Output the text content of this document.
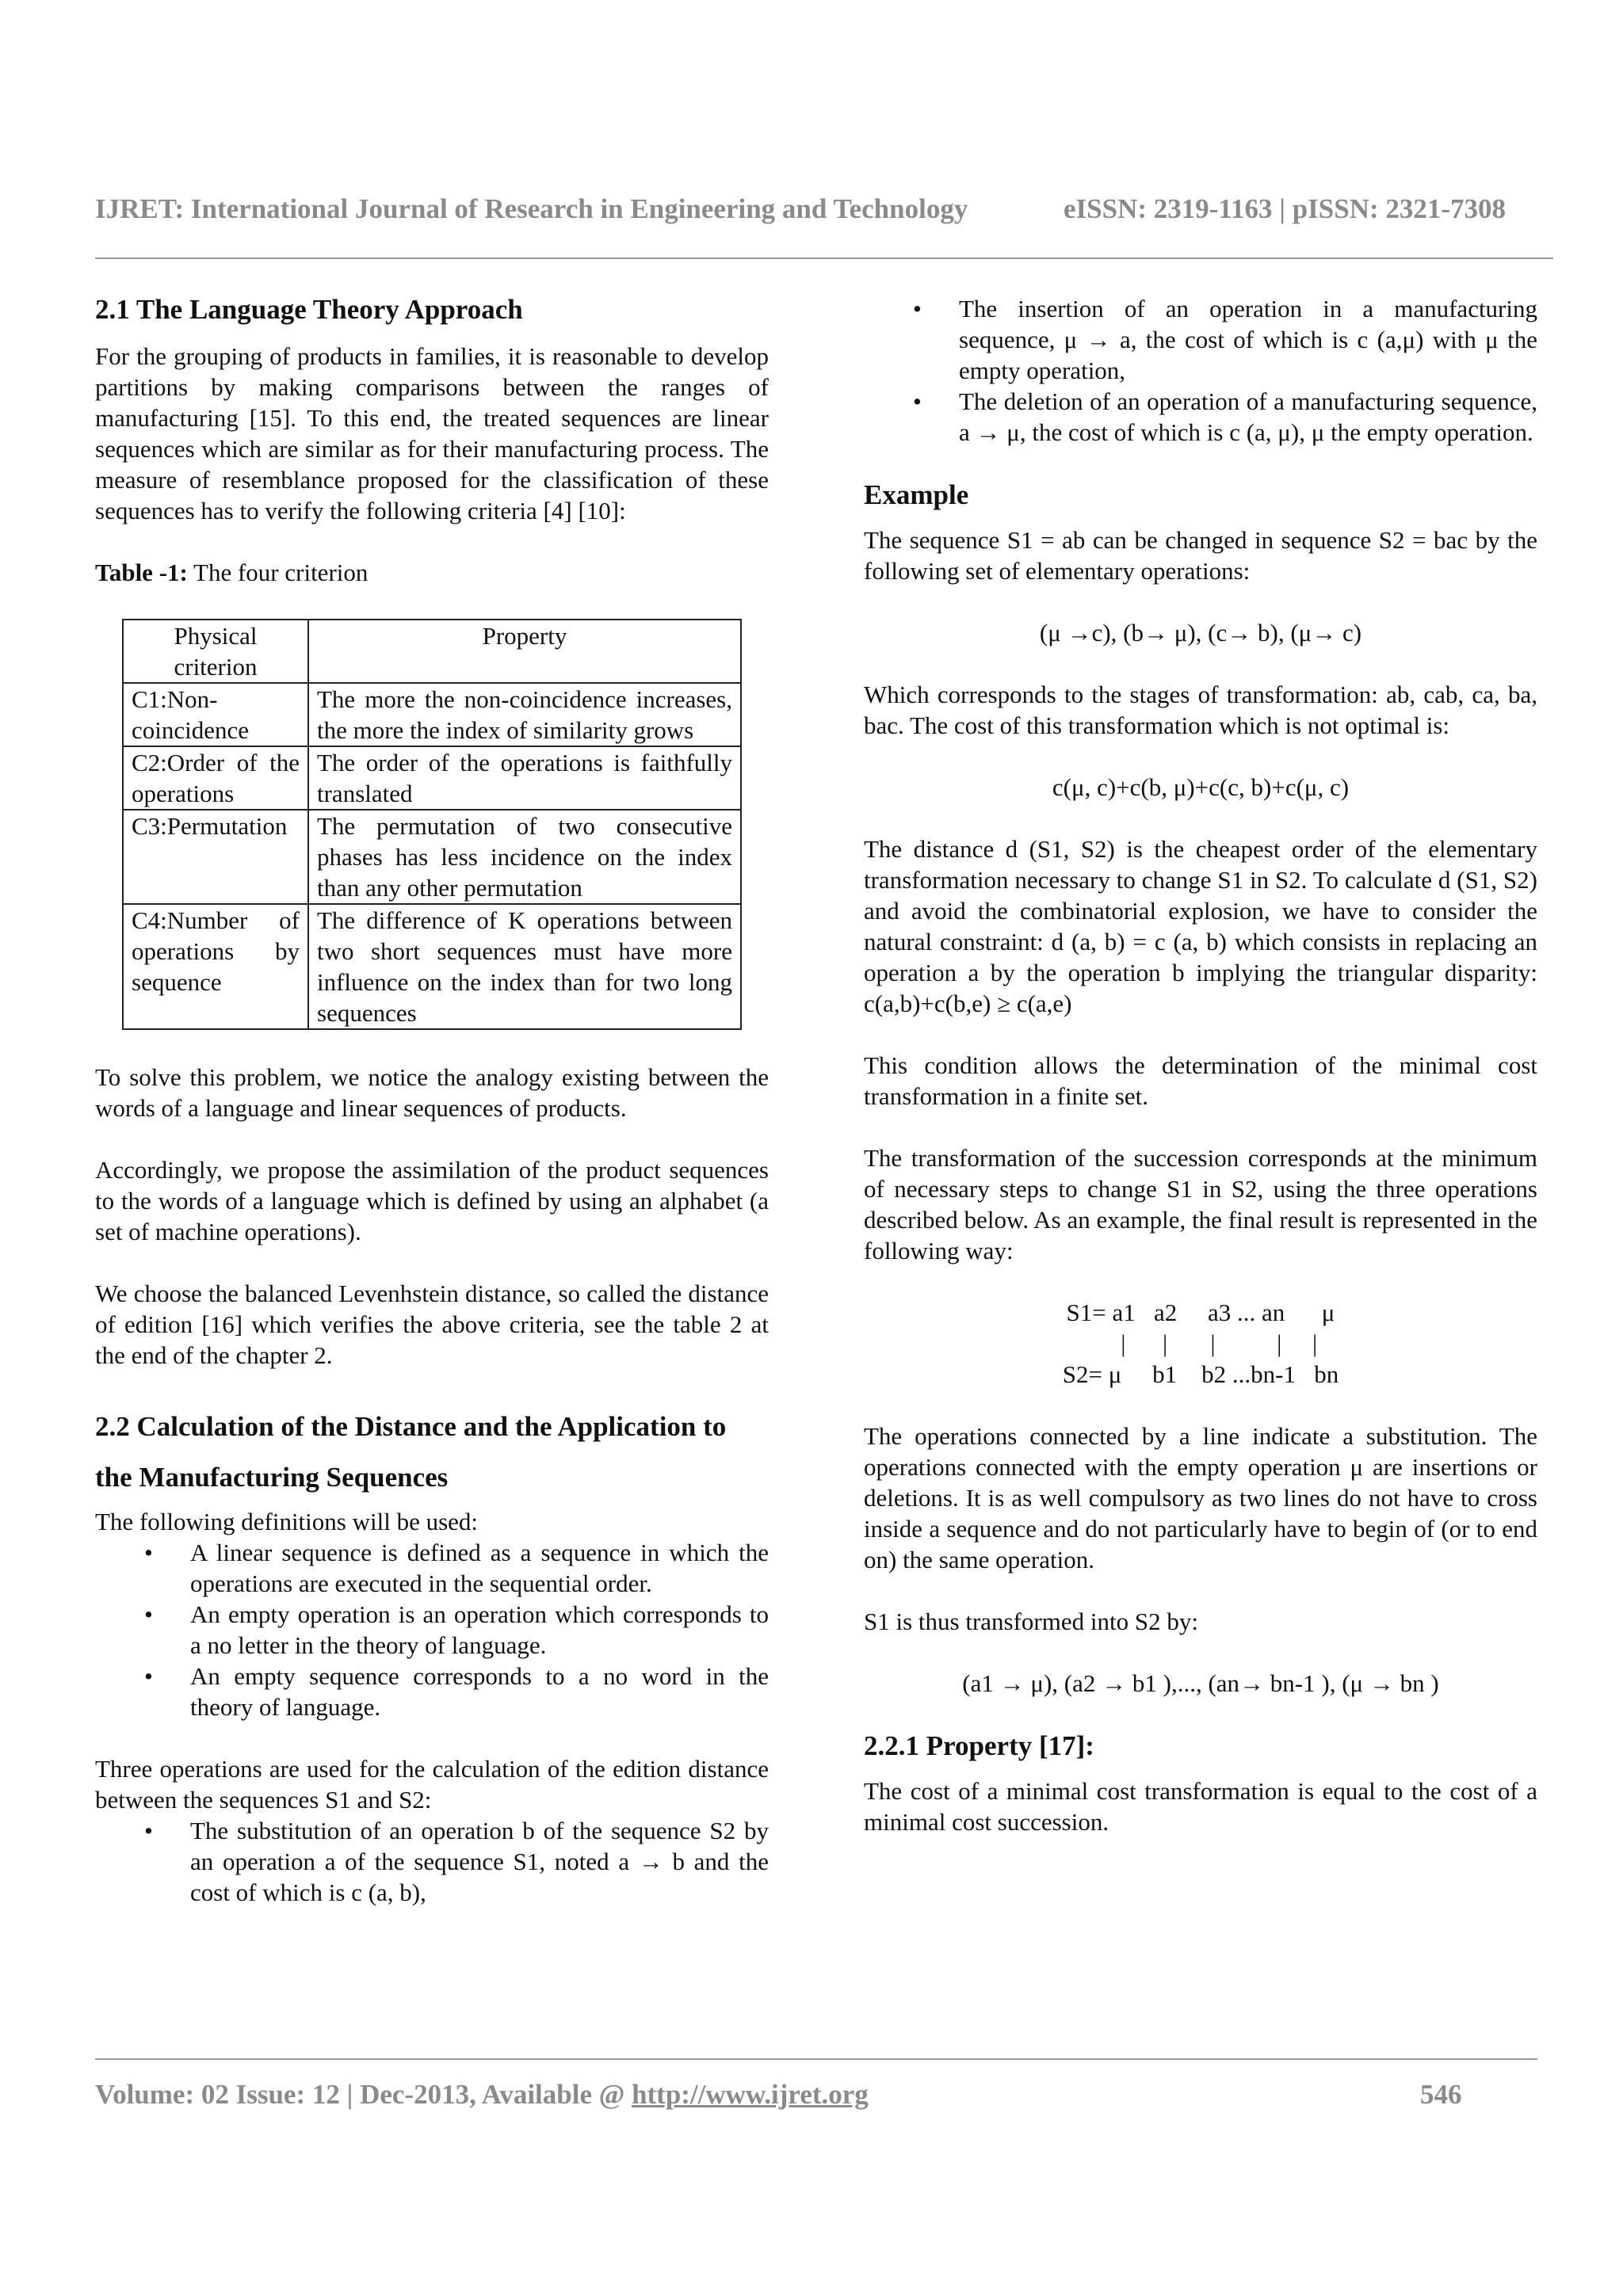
IJRET: International Journal of Research in Engineering and Technology	eISSN: 2319-1163 | pISSN: 2321-7308
2.1 The Language Theory Approach

For the grouping of products in families, it is reasonable to develop partitions by making comparisons between the ranges of manufacturing [15]. To this end, the treated sequences are linear sequences which are similar as for their manufacturing process. The measure of resemblance proposed for the classification of these sequences has to verify the following criteria [4] [10]:

Table -1: The four criterion

Physical criterion	Property
C1:Non-coincidence	The more the non-coincidence increases, the more the index of similarity grows
C2:Order of the operations	The order of the operations is faithfully translated
C3:Permutation	The permutation of two consecutive phases has less incidence on the index than any other permutation
C4:Number of operations by sequence	The difference of K operations between two short sequences must have more influence on the index than for two long sequences

To solve this problem, we notice the analogy existing between the words of a language and linear sequences of products.

Accordingly, we propose the assimilation of the product sequences to the words of a language which is defined by using an alphabet (a set of machine operations).

We choose the balanced Levenhstein distance, so called the distance of edition [16] which verifies the above criteria, see the table 2 at the end of the chapter 2.

2.2 Calculation of the Distance and the Application to the Manufacturing Sequences

The following definitions will be used:

• A linear sequence is defined as a sequence in which the operations are executed in the sequential order.
• An empty operation is an operation which corresponds to a no letter in the theory of language.
• An empty sequence corresponds to a no word in the theory of language.

Three operations are used for the calculation of the edition distance between the sequences S1 and S2:

• The substitution of an operation b of the sequence S2 by an operation a of the sequence S1, noted a → b and the cost of which is c (a, b),
• The insertion of an operation in a manufacturing sequence, μ → a, the cost of which is c (a,μ) with μ the empty operation,
• The deletion of an operation of a manufacturing sequence, a → μ, the cost of which is c (a, μ), μ the empty operation.
Example

The sequence S1 = ab can be changed in sequence S2 = bac by the following set of elementary operations:

(μ →c), (b→ μ), (c→ b), (μ→ c)

Which corresponds to the stages of transformation: ab, cab, ca, ba, bac. The cost of this transformation which is not optimal is:

c(μ, c)+c(b, μ)+c(c, b)+c(μ, c)

The distance d (S1, S2) is the cheapest order of the elementary transformation necessary to change S1 in S2. To calculate d (S1, S2) and avoid the combinatorial explosion, we have to consider the natural constraint: d (a, b) = c (a, b) which consists in replacing an operation a by the operation b implying the triangular disparity: c(a,b)+c(b,e) ≥ c(a,e)

This condition allows the determination of the minimal cost transformation in a finite set.

The transformation of the succession corresponds at the minimum of necessary steps to change S1 in S2, using the three operations described below. As an example, the final result is represented in the following way:

S1= a1   a2     a3 ... an      μ
|      |       |          |     |
S2= μ     b1    b2 ...bn-1   bn

The operations connected by a line indicate a substitution. The operations connected with the empty operation μ are insertions or deletions. It is as well compulsory as two lines do not have to cross inside a sequence and do not particularly have to begin of (or to end on) the same operation.

S1 is thus transformed into S2 by:

(a1 → μ), (a2 → b1 ),..., (an→ bn-1 ), (μ → bn )

2.2.1 Property [17]:

The cost of a minimal cost transformation is equal to the cost of a minimal cost succession.

Volume: 02 Issue: 12 | Dec-2013, Available @ http://www.ijret.org	546
